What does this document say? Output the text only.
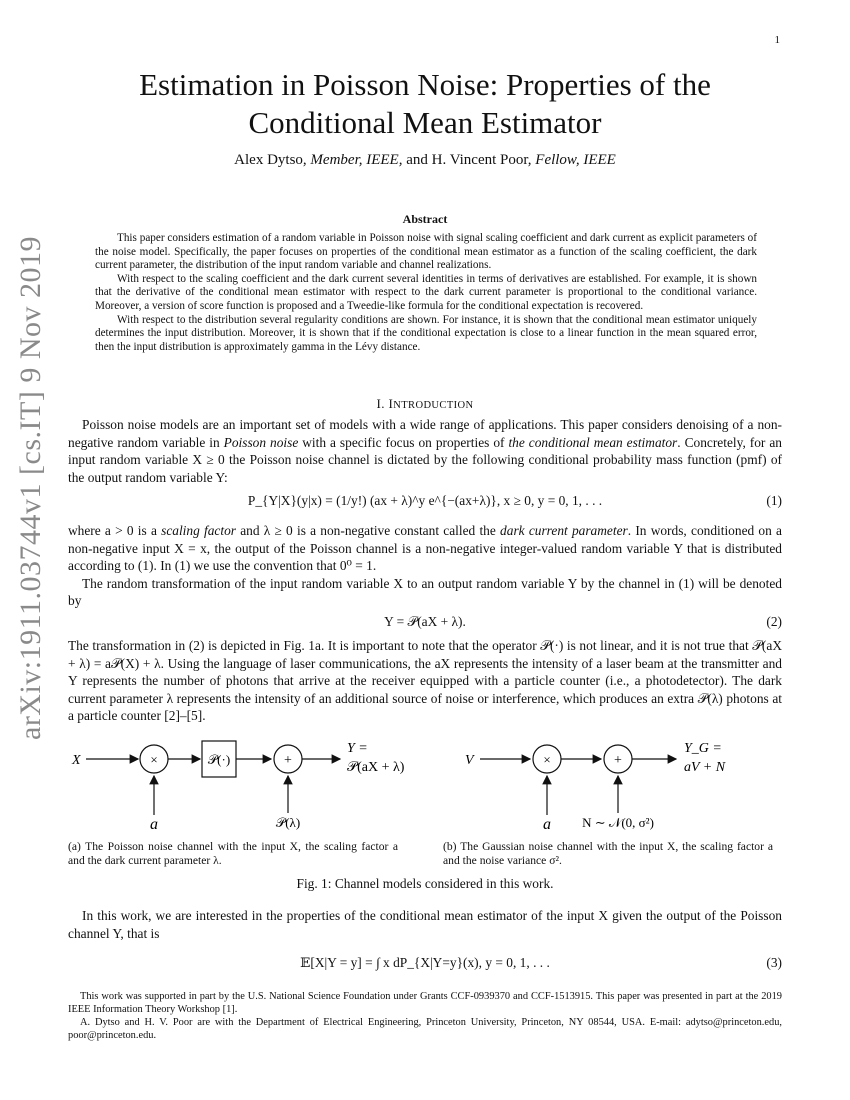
1
arXiv:1911.03744v1 [cs.IT] 9 Nov 2019
Estimation in Poisson Noise: Properties of the
Conditional Mean Estimator
Alex Dytso, Member, IEEE, and H. Vincent Poor, Fellow, IEEE
Abstract

This paper considers estimation of a random variable in Poisson noise with signal scaling coefficient and dark current as explicit parameters of the noise model. Specifically, the paper focuses on properties of the conditional mean estimator as a function of the scaling coefficient, the dark current parameter, the distribution of the input random variable and channel realizations.

With respect to the scaling coefficient and the dark current several identities in terms of derivatives are established. For example, it is shown that the derivative of the conditional mean estimator with respect to the dark current parameter is proportional to the conditional variance. Moreover, a version of score function is proposed and a Tweedie-like formula for the conditional expectation is recovered.

With respect to the distribution several regularity conditions are shown. For instance, it is shown that the conditional mean estimator uniquely determines the input distribution. Moreover, it is shown that if the conditional expectation is close to a linear function in the mean squared error, then the input distribution is approximately gamma in the Lévy distance.

I. INTRODUCTION

Poisson noise models are an important set of models with a wide range of applications. This paper considers denoising of a non-negative random variable in Poisson noise with a specific focus on properties of the conditional mean estimator. Concretely, for an input random variable X ≥ 0 the Poisson noise channel is dictated by the following conditional probability mass function (pmf) of the output random variable Y:

P_{Y|X}(y|x) = (1/y!) (ax + λ)^y e^{−(ax+λ)}, x ≥ 0, y = 0, 1, . . .	(1)

where a > 0 is a scaling factor and λ ≥ 0 is a non-negative constant called the dark current parameter. In words, conditioned on a non-negative input X = x, the output of the Poisson channel is a non-negative integer-valued random variable Y that is distributed according to (1). In (1) we use the convention that 0⁰ = 1.

The random transformation of the input random variable X to an output random variable Y by the channel in (1) will be denoted by

Y = 𝒫(aX + λ).	(2)

The transformation in (2) is depicted in Fig. 1a. It is important to note that the operator 𝒫(·) is not linear, and it is not true that 𝒫(aX + λ) = a𝒫(X) + λ. Using the language of laser communications, the aX represents the intensity of a laser beam at the transmitter and Y represents the number of photons that arrive at the receiver equipped with a particle counter (i.e., a photodetector). The dark current parameter λ represents the intensity of an additional source of noise or interference, which produces an extra 𝒫(λ) photons at a particle counter [2]–[5].

X	×
a
𝒫(·)	+
𝒫(λ)
Y =
𝒫(aX + λ)	V	×
a
+
N ∼ 𝒩(0, σ²)
Y_G =
aV + N
(a) The Poisson noise channel with the input X, the scaling factor a and the dark current parameter λ.
(b) The Gaussian noise channel with the input X, the scaling factor a and the noise variance σ².
Fig. 1: Channel models considered in this work.

In this work, we are interested in the properties of the conditional mean estimator of the input X given the output of the Poisson channel Y, that is

𝔼[X|Y = y] = ∫ x dP_{X|Y=y}(x), y = 0, 1, . . .	(3)

This work was supported in part by the U.S. National Science Foundation under Grants CCF-0939370 and CCF-1513915. This paper was presented in part at the 2019 IEEE Information Theory Workshop [1].

A. Dytso and H. V. Poor are with the Department of Electrical Engineering, Princeton University, Princeton, NY 08544, USA. E-mail: adytso@princeton.edu, poor@princeton.edu.
